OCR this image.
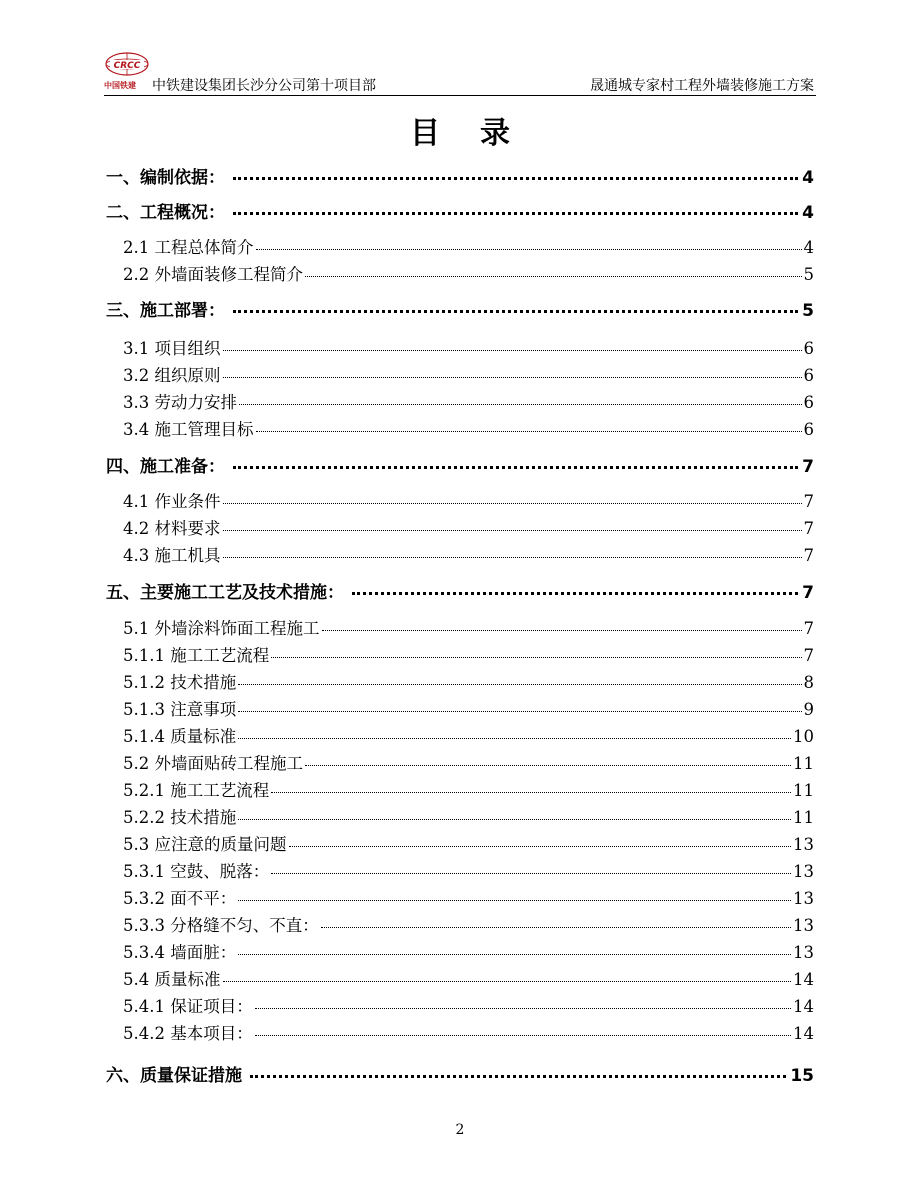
CRCC
中国铁建 中铁建设集团长沙分公司第十项目部	晟通城专家村工程外墙装修施工方案
目录
一、编制依据：	4
二、工程概况：	4
2.1 工程总体简介	4
2.2 外墙面装修工程简介	5
三、施工部署：	5
3.1 项目组织	6
3.2 组织原则	6
3.3 劳动力安排	6
3.4 施工管理目标	6
四、施工准备：	7
4.1 作业条件	7
4.2 材料要求	7
4.3 施工机具	7
五、主要施工工艺及技术措施：	7
5.1 外墙涂料饰面工程施工	7
5.1.1 施工工艺流程	7
5.1.2 技术措施	8
5.1.3 注意事项	9
5.1.4 质量标准	10
5.2 外墙面贴砖工程施工	11
5.2.1 施工工艺流程	11
5.2.2 技术措施	11
5.3 应注意的质量问题	13
5.3.1 空鼓、脱落：	13
5.3.2 面不平：	13
5.3.3 分格缝不匀、不直：	13
5.3.4 墙面脏：	13
5.4 质量标准	14
5.4.1 保证项目：	14
5.4.2 基本项目：	14
六、质量保证措施	15
2
